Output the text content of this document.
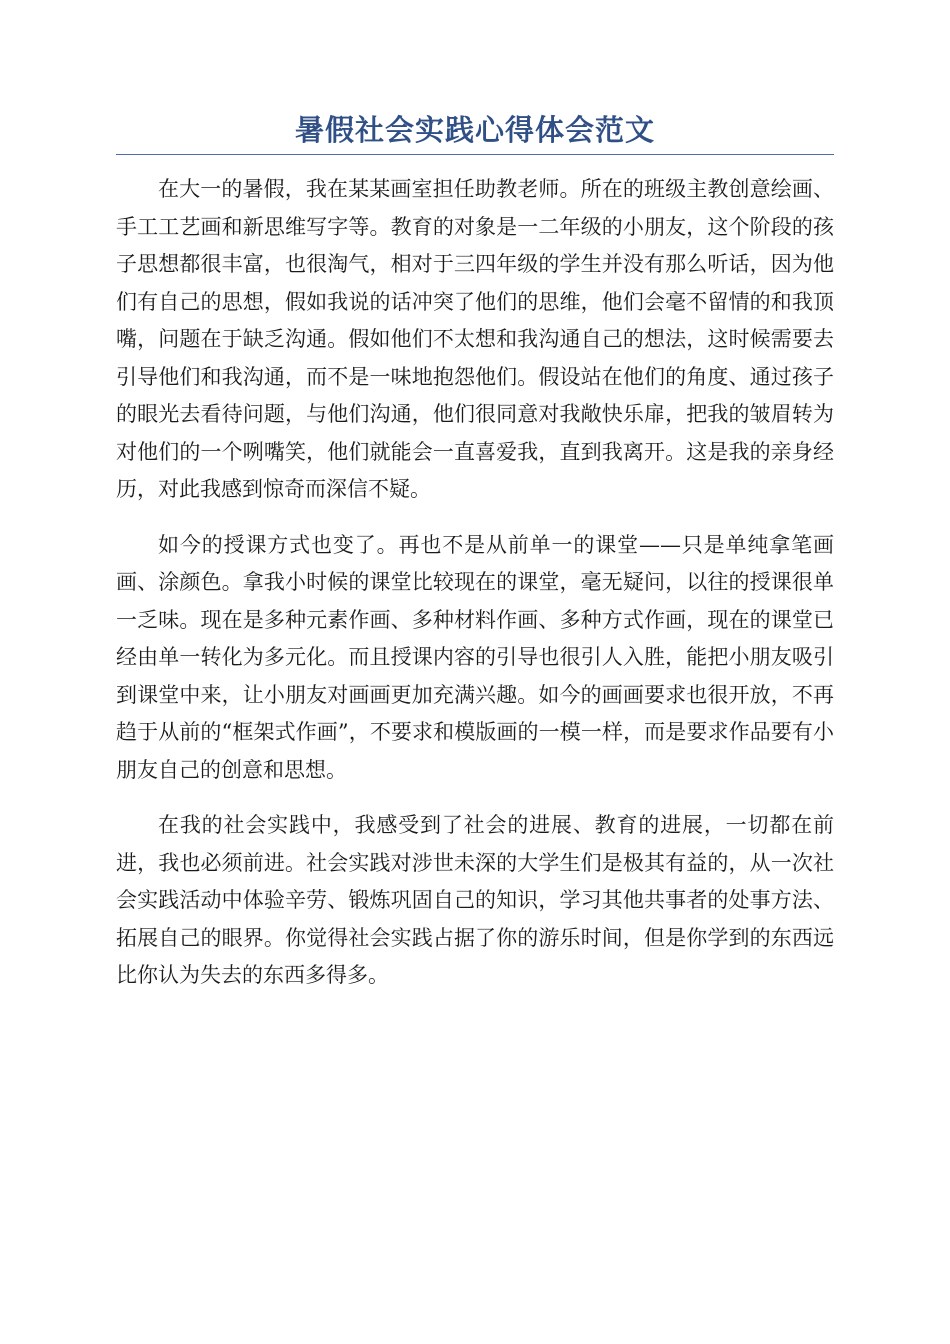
暑假社会实践心得体会范文

在大一的暑假，我在某某画室担任助教老师。所在的班级主教创意绘画、手工工艺画和新思维写字等。教育的对象是一二年级的小朋友，这个阶段的孩子思想都很丰富，也很淘气，相对于三四年级的学生并没有那么听话，因为他们有自己的思想，假如我说的话冲突了他们的思维，他们会毫不留情的和我顶嘴，问题在于缺乏沟通。假如他们不太想和我沟通自己的想法，这时候需要去引导他们和我沟通，而不是一味地抱怨他们。假设站在他们的角度、通过孩子的眼光去看待问题，与他们沟通，他们很同意对我敞快乐扉，把我的皱眉转为对他们的一个咧嘴笑，他们就能会一直喜爱我，直到我离开。这是我的亲身经历，对此我感到惊奇而深信不疑。

如今的授课方式也变了。再也不是从前单一的课堂——只是单纯拿笔画画、涂颜色。拿我小时候的课堂比较现在的课堂，毫无疑问，以往的授课很单一乏味。现在是多种元素作画、多种材料作画、多种方式作画，现在的课堂已经由单一转化为多元化。而且授课内容的引导也很引人入胜，能把小朋友吸引到课堂中来，让小朋友对画画更加充满兴趣。如今的画画要求也很开放，不再趋于从前的“框架式作画”，不要求和模版画的一模一样，而是要求作品要有小朋友自己的创意和思想。

在我的社会实践中，我感受到了社会的进展、教育的进展，一切都在前进，我也必须前进。社会实践对涉世未深的大学生们是极其有益的，从一次社会实践活动中体验辛劳、锻炼巩固自己的知识，学习其他共事者的处事方法、拓展自己的眼界。你觉得社会实践占据了你的游乐时间，但是你学到的东西远比你认为失去的东西多得多。
